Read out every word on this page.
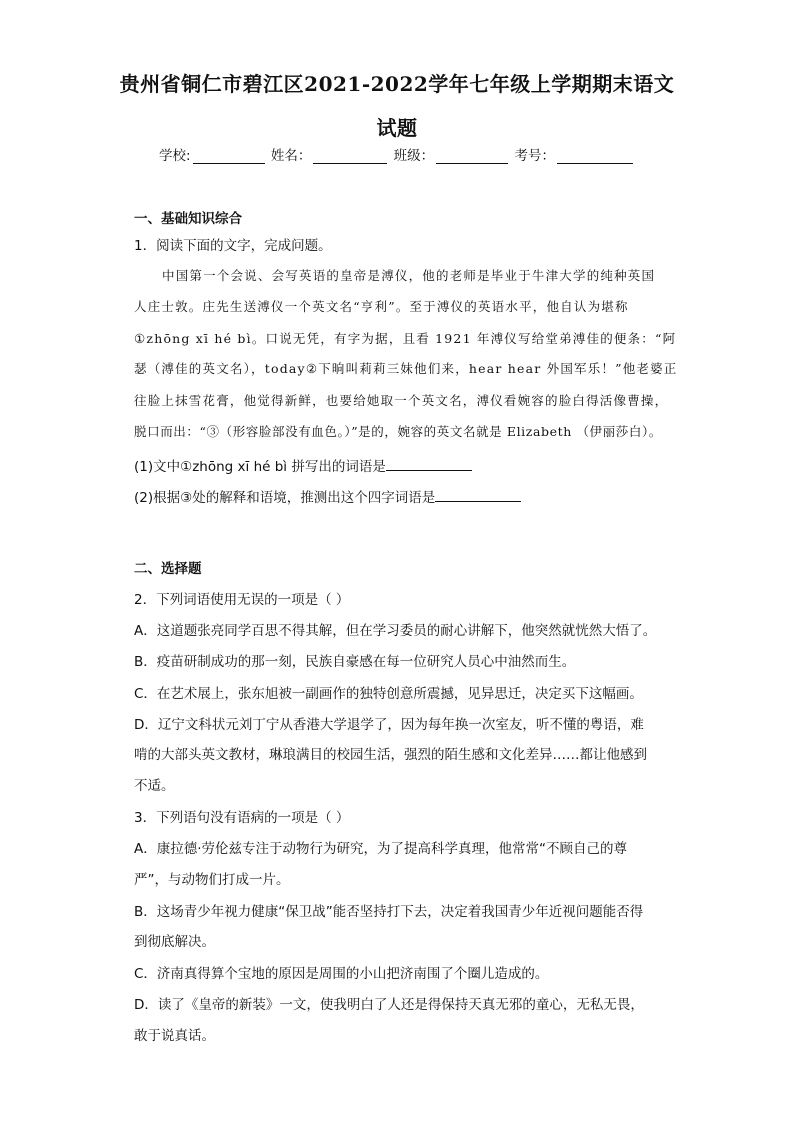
贵州省铜仁市碧江区2021-2022学年七年级上学期期末语文
试题
学校:	姓名：	班级：	考号：
一、基础知识综合
1．阅读下面的文字，完成问题。
中国第一个会说、会写英语的皇帝是溥仪，他的老师是毕业于牛津大学的纯种英国
人庄士敦。庄先生送溥仪一个英文名“亨利”。至于溥仪的英语水平，他自认为堪称
①zhōng xī hé bì。口说无凭，有字为据，且看 1921 年溥仪写给堂弟溥佳的便条：“阿
瑟（溥佳的英文名），today②下晌叫莉莉三妹他们来，hear hear 外国军乐！”他老婆正
往脸上抹雪花膏，他觉得新鲜，也要给她取一个英文名，溥仪看婉容的脸白得活像曹操，
脱口而出：“③（形容脸部没有血色。）”是的，婉容的英文名就是 Elizabeth （伊丽莎白）。
(1)文中①zhōng xī hé bì 拼写出的词语是
(2)根据③处的解释和语境，推测出这个四字词语是
二、选择题
2．下列词语使用无误的一项是（ ）
A．这道题张亮同学百思不得其解，但在学习委员的耐心讲解下，他突然就恍然大悟了。
B．疫苗研制成功的那一刻，民族自豪感在每一位研究人员心中油然而生。
C．在艺术展上，张东旭被一副画作的独特创意所震撼，见异思迁，决定买下这幅画。
D．辽宁文科状元刘丁宁从香港大学退学了，因为每年换一次室友，听不懂的粤语，难
啃的大部头英文教材，琳琅满目的校园生活，强烈的陌生感和文化差异……都让他感到
不适。
3．下列语句没有语病的一项是（ ）
A．康拉德·劳伦兹专注于动物行为研究，为了提高科学真理，他常常“不顾自己的尊
严”，与动物们打成一片。
B．这场青少年视力健康“保卫战”能否坚持打下去，决定着我国青少年近视问题能否得
到彻底解决。
C．济南真得算个宝地的原因是周围的小山把济南围了个圈儿造成的。
D．读了《皇帝的新装》一文，使我明白了人还是得保持天真无邪的童心，无私无畏，
敢于说真话。
